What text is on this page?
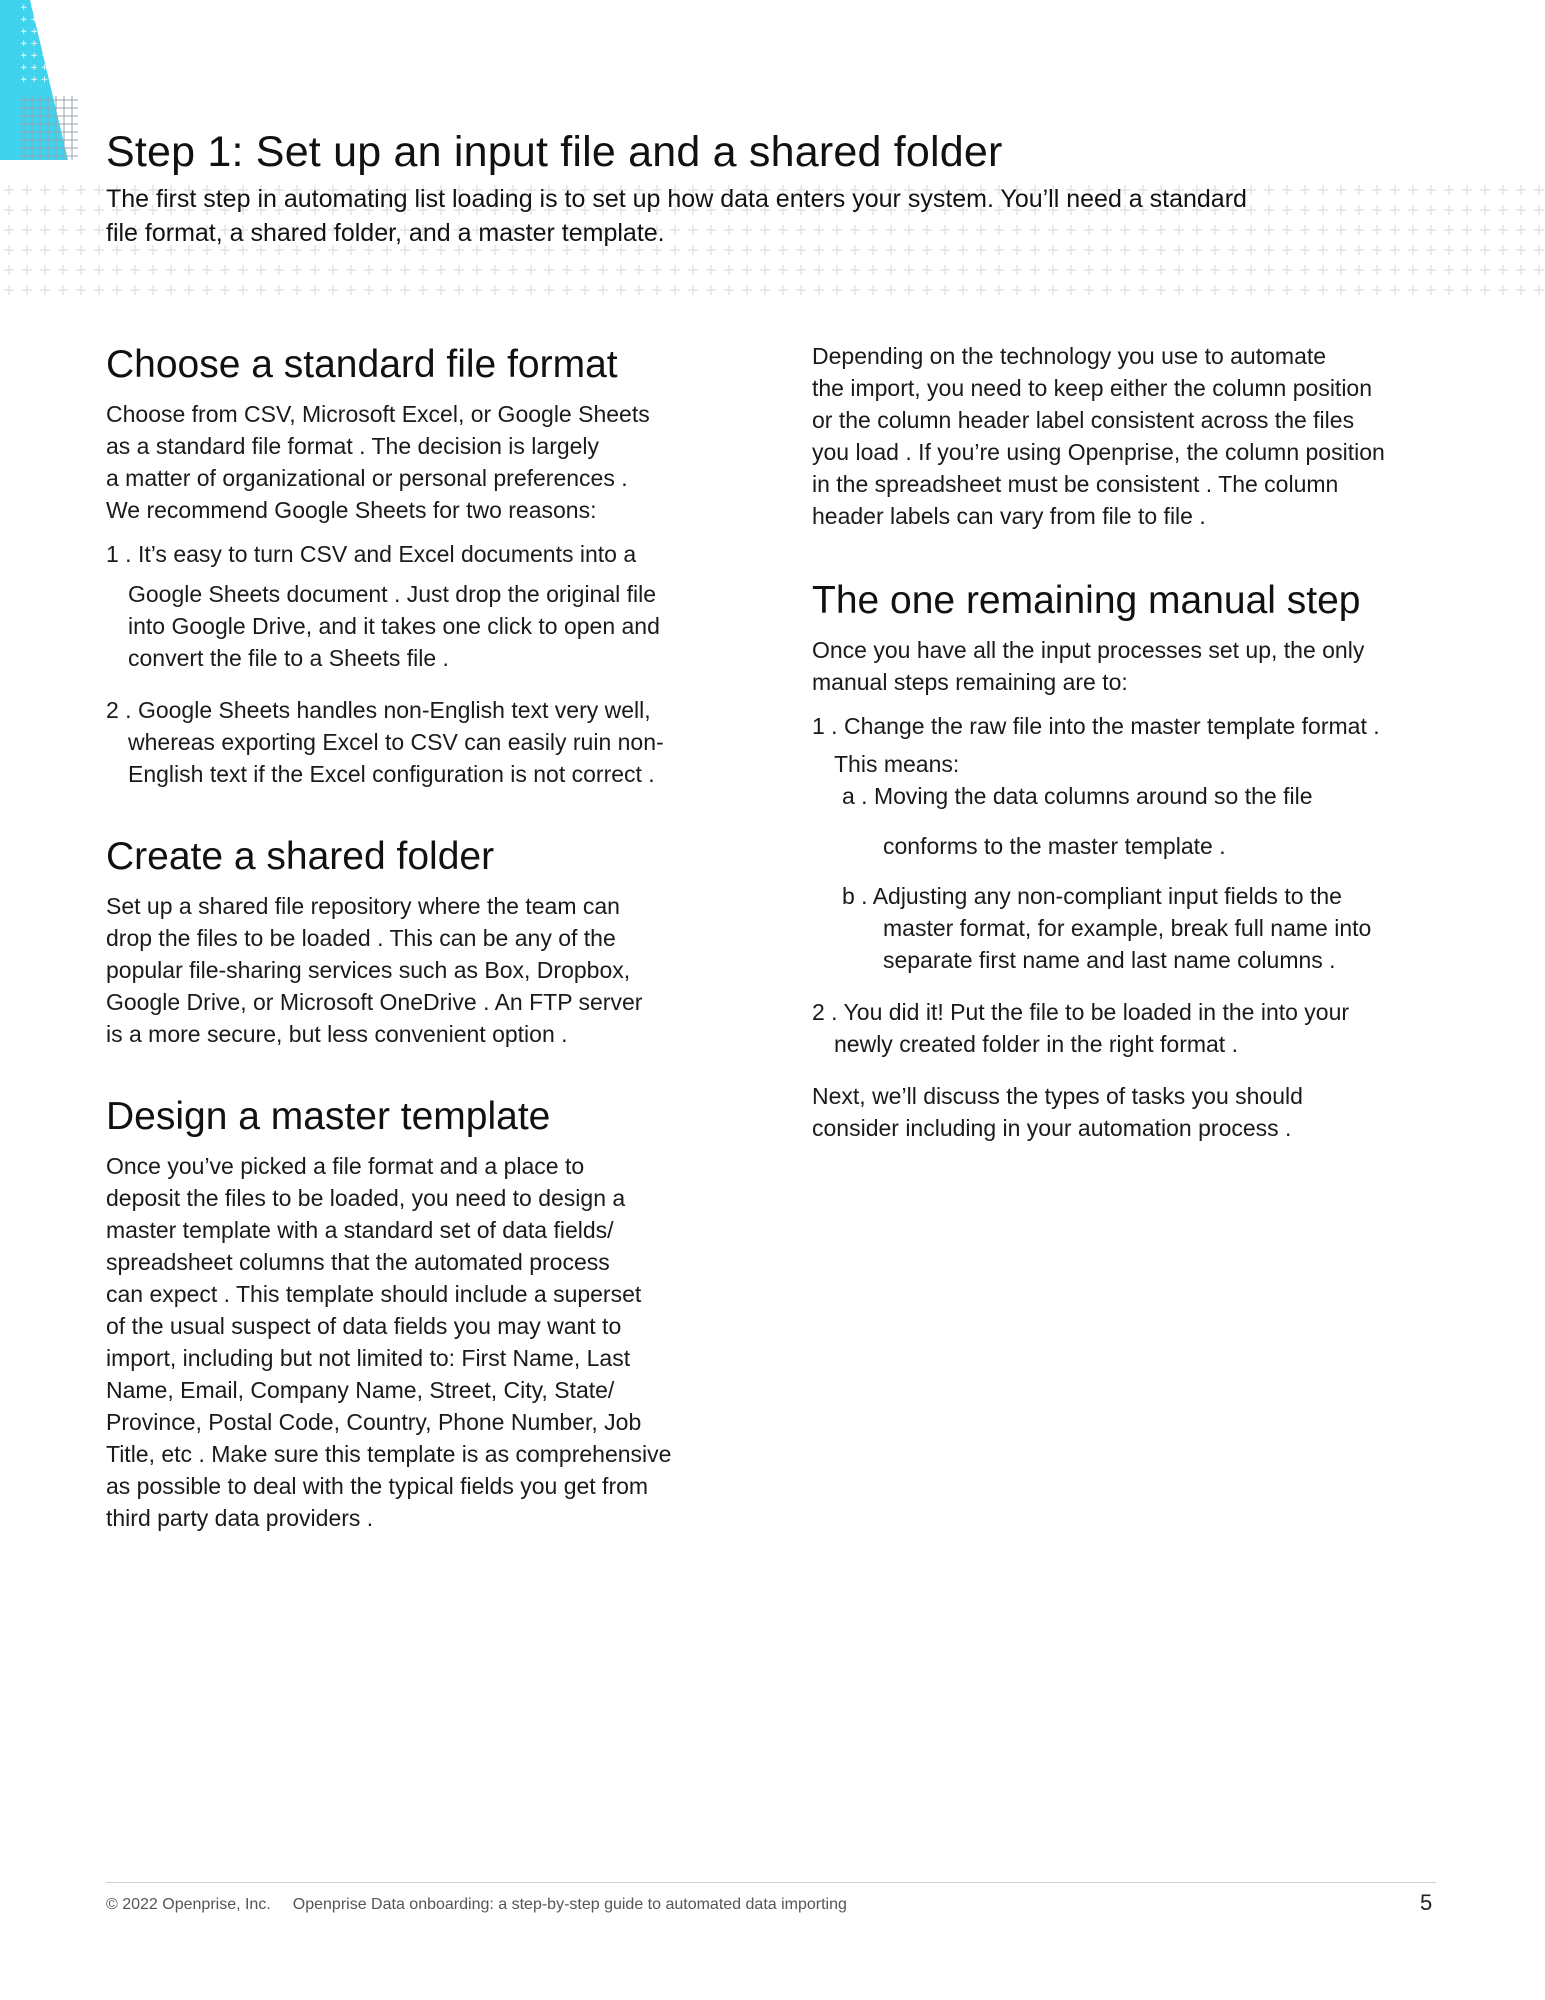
+ + + +
+ + + +
+ + + +
+ + + +
+ + + +
+ + + +
+ + + +
Step 1: Set up an input file and a shared folder

The first step in automating list loading is to set up how data enters your system. You’ll need a standard
file format, a shared folder, and a master template.

Choose a standard file format
Choose from CSV, Microsoft Excel, or Google Sheets
as a standard file format . The decision is largely
a matter of organizational or personal preferences .
We recommend Google Sheets for two reasons:
1 . It’s easy to turn CSV and Excel documents into a
Google Sheets document . Just drop the original file
into Google Drive, and it takes one click to open and
convert the file to a Sheets file .
2 . Google Sheets handles non-English text very well,
whereas exporting Excel to CSV can easily ruin non-
English text if the Excel configuration is not correct .
Create a shared folder
Set up a shared file repository where the team can
drop the files to be loaded . This can be any of the
popular file-sharing services such as Box, Dropbox,
Google Drive, or Microsoft OneDrive . An FTP server
is a more secure, but less convenient option .
Design a master template
Once you’ve picked a file format and a place to
deposit the files to be loaded, you need to design a
master template with a standard set of data fields/
spreadsheet columns that the automated process
can expect . This template should include a superset
of the usual suspect of data fields you may want to
import, including but not limited to: First Name, Last
Name, Email, Company Name, Street, City, State/
Province, Postal Code, Country, Phone Number, Job
Title, etc . Make sure this template is as comprehensive
as possible to deal with the typical fields you get from
third party data providers .
Depending on the technology you use to automate
the import, you need to keep either the column position
or the column header label consistent across the files
you load . If you’re using Openprise, the column position
in the spreadsheet must be consistent . The column
header labels can vary from file to file .
The one remaining manual step
Once you have all the input processes set up, the only
manual steps remaining are to:
1 . Change the raw file into the master template format .
This means:
a . Moving the data columns around so the file
conforms to the master template .
b . Adjusting any non-compliant input fields to the
master format, for example, break full name into
separate first name and last name columns .
2 . You did it! Put the file to be loaded in the into your
newly created folder in the right format .
Next, we’ll discuss the types of tasks you should
consider including in your automation process .
© 2022 Openprise, Inc. Openprise Data onboarding: a step-by-step guide to automated data importing	5
